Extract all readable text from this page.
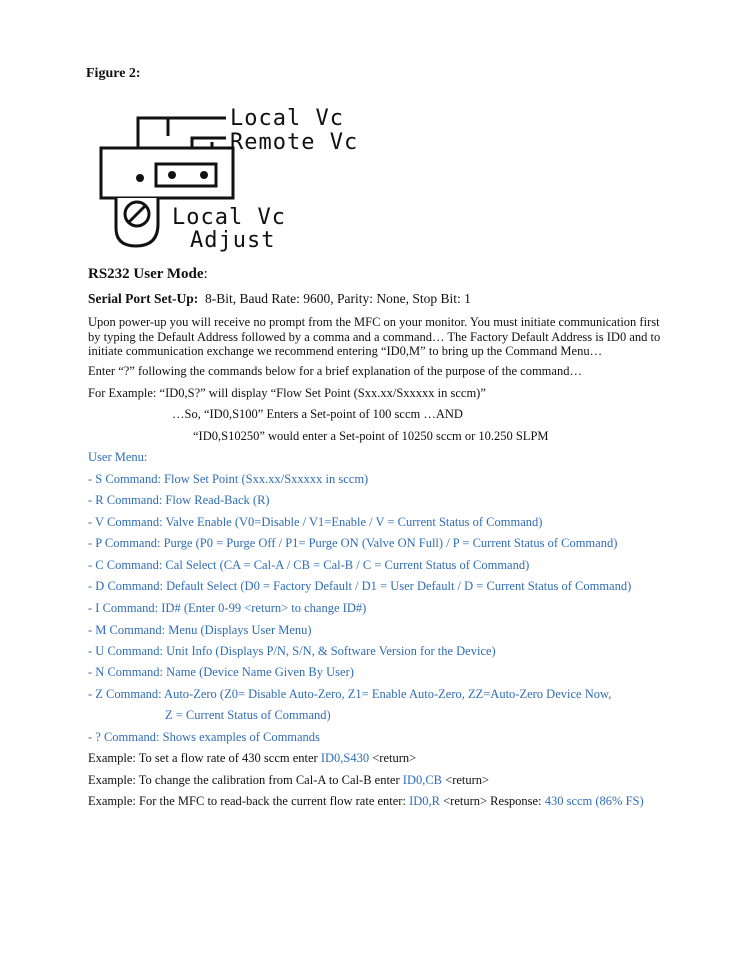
Figure 2:
Local Vc
Remote Vc
Local Vc
Adjust
RS232 User Mode:
Serial Port Set-Up: 8-Bit, Baud Rate: 9600, Parity: None, Stop Bit: 1
Upon power-up you will receive no prompt from the MFC on your monitor. You must initiate communication first by typing the Default Address followed by a comma and a command… The Factory Default Address is ID0 and to initiate communication exchange we recommend entering “ID0,M” to bring up the Command Menu…
Enter “?” following the commands below for a brief explanation of the purpose of the command…
For Example: “ID0,S?” will display “Flow Set Point (Sxx.xx/Sxxxxx in sccm)”
…So, “ID0,S100” Enters a Set-point of 100 sccm …AND
“ID0,S10250” would enter a Set-point of 10250 sccm or 10.250 SLPM
User Menu:
- S Command: Flow Set Point (Sxx.xx/Sxxxxx in sccm)
- R Command: Flow Read-Back (R)
- V Command: Valve Enable (V0=Disable / V1=Enable / V = Current Status of Command)
- P Command: Purge (P0 = Purge Off / P1= Purge ON (Valve ON Full) / P = Current Status of Command)
- C Command: Cal Select (CA = Cal-A / CB = Cal-B / C = Current Status of Command)
- D Command: Default Select (D0 = Factory Default / D1 = User Default / D = Current Status of Command)
- I Command: ID# (Enter 0-99 <return> to change ID#)
- M Command: Menu (Displays User Menu)
- U Command: Unit Info (Displays P/N, S/N, & Software Version for the Device)
- N Command: Name (Device Name Given By User)
- Z Command: Auto-Zero (Z0= Disable Auto-Zero, Z1= Enable Auto-Zero, ZZ=Auto-Zero Device Now,
Z = Current Status of Command)
- ? Command: Shows examples of Commands
Example: To set a flow rate of 430 sccm enter ID0,S430 <return>
Example: To change the calibration from Cal-A to Cal-B enter ID0,CB <return>
Example: For the MFC to read-back the current flow rate enter: ID0,R <return> Response: 430 sccm (86% FS)
